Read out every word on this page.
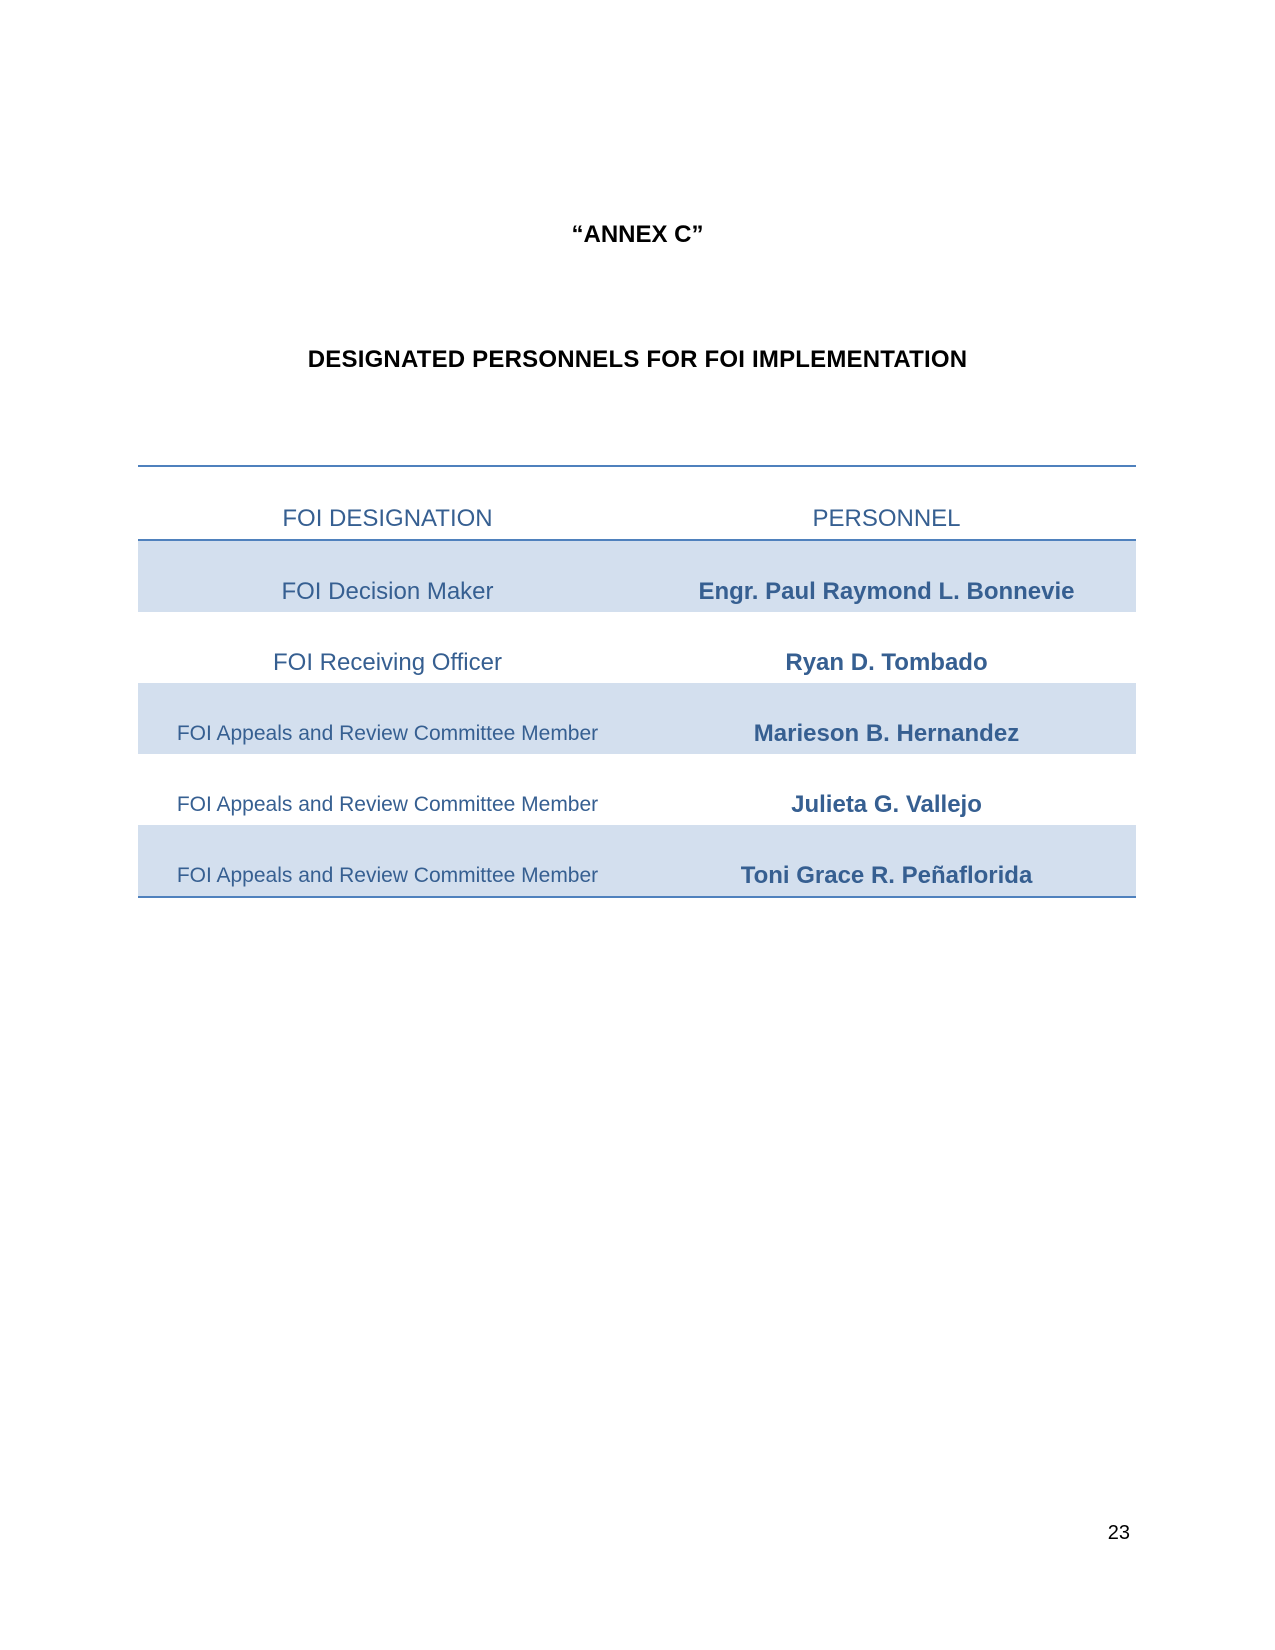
“ANNEX C”
DESIGNATED PERSONNELS FOR FOI IMPLEMENTATION
FOI DESIGNATION	PERSONNEL
FOI Decision Maker	Engr. Paul Raymond L. Bonnevie
FOI Receiving Officer	Ryan D. Tombado
FOI Appeals and Review Committee Member	Marieson B. Hernandez
FOI Appeals and Review Committee Member	Julieta G. Vallejo
FOI Appeals and Review Committee Member	Toni Grace R. Peñaflorida
23
